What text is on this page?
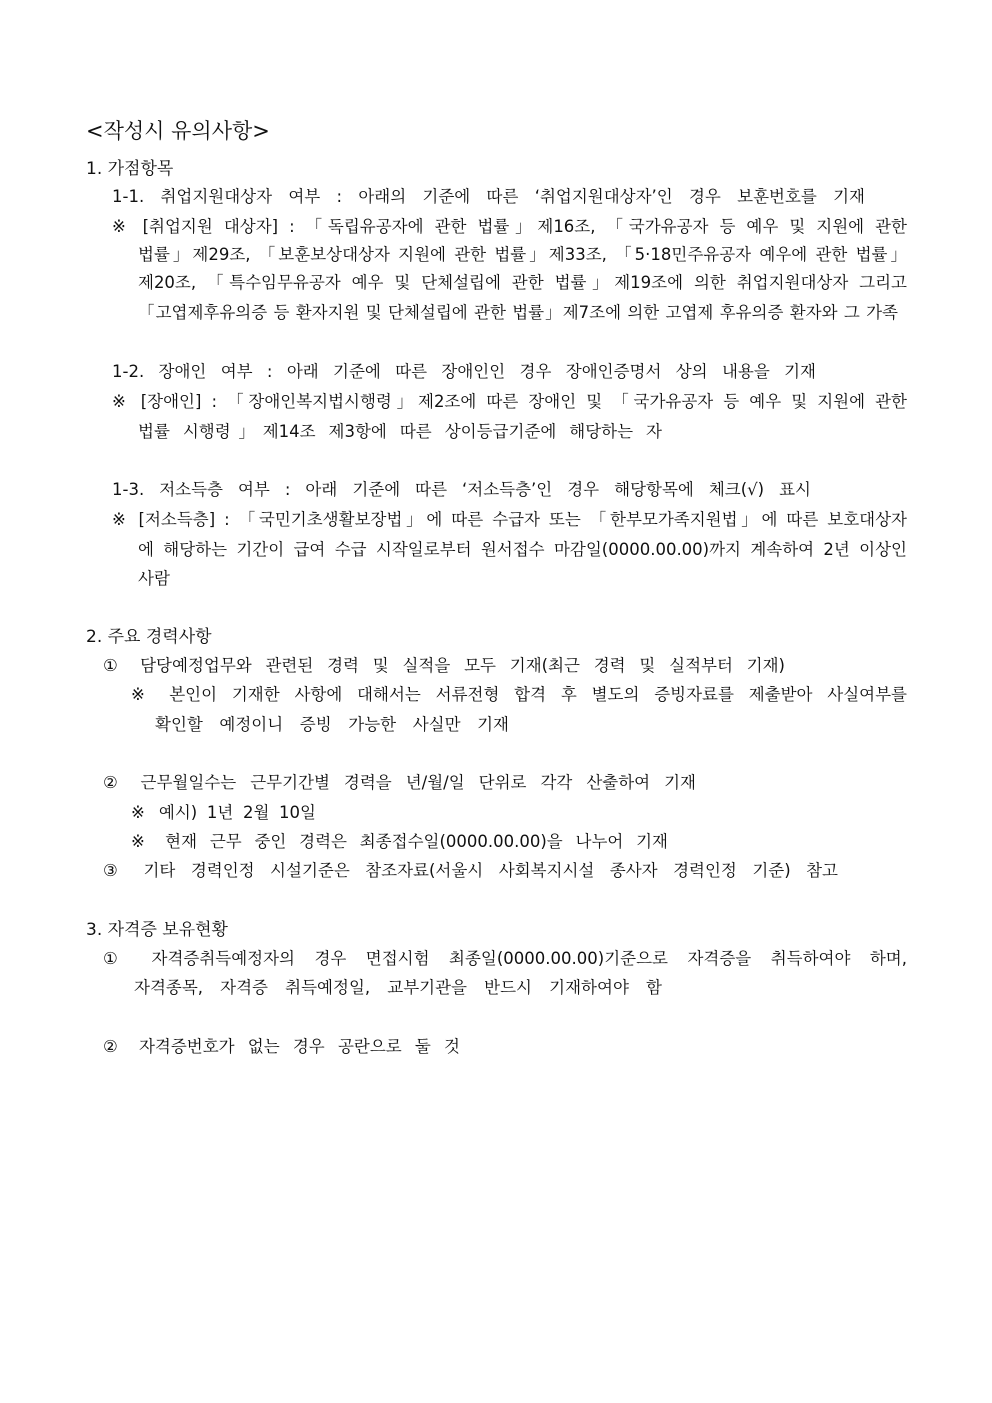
<작성시 유의사항>
1. 가점항목
1-1. 취업지원대상자 여부 : 아래의 기준에 따른 ‘취업지원대상자’인 경우 보훈번호를 기재
※ [취업지원 대상자] : 「독립유공자에 관한 법률」제16조, 「국가유공자 등 예우 및 지원에 관한
법률」제29조, 「보훈보상대상자 지원에 관한 법률」제33조, 「5·18민주유공자 예우에 관한 법률」
제20조, 「특수임무유공자 예우 및 단체설립에 관한 법률」제19조에 의한 취업지원대상자 그리고
「고엽제후유의증 등 환자지원 및 단체설립에 관한 법률」제7조에 의한 고엽제 후유의증 환자와 그 가족
1-2. 장애인 여부 : 아래 기준에 따른 장애인인 경우 장애인증명서 상의 내용을 기재
※ [장애인] : 「장애인복지법시행령」제2조에 따른 장애인 및 「국가유공자 등 예우 및 지원에 관한
법률 시행령」제14조 제3항에 따른 상이등급기준에 해당하는 자
1-3. 저소득층 여부 : 아래 기준에 따른 ‘저소득층’인 경우 해당항목에 체크(√) 표시
※ [저소득층] : 「국민기초생활보장법」에 따른 수급자 또는 「한부모가족지원법」에 따른 보호대상자
에 해당하는 기간이 급여 수급 시작일로부터 원서접수 마감일(0000.00.00)까지 계속하여 2년 이상인
사람
2. 주요 경력사항
① 담당예정업무와 관련된 경력 및 실적을 모두 기재(최근 경력 및 실적부터 기재)
※ 본인이 기재한 사항에 대해서는 서류전형 합격 후 별도의 증빙자료를 제출받아 사실여부를
확인할 예정이니 증빙 가능한 사실만 기재
② 근무월일수는 근무기간별 경력을 년/월/일 단위로 각각 산출하여 기재
※ 예시) 1년 2월 10일
※ 현재 근무 중인 경력은 최종접수일(0000.00.00)을 나누어 기재
③ 기타 경력인정 시설기준은 참조자료(서울시 사회복지시설 종사자 경력인정 기준) 참고
3. 자격증 보유현황
① 자격증취득예정자의 경우 면접시험 최종일(0000.00.00)기준으로 자격증을 취득하여야 하며,
자격종목, 자격증 취득예정일, 교부기관을 반드시 기재하여야 함
② 자격증번호가 없는 경우 공란으로 둘 것
